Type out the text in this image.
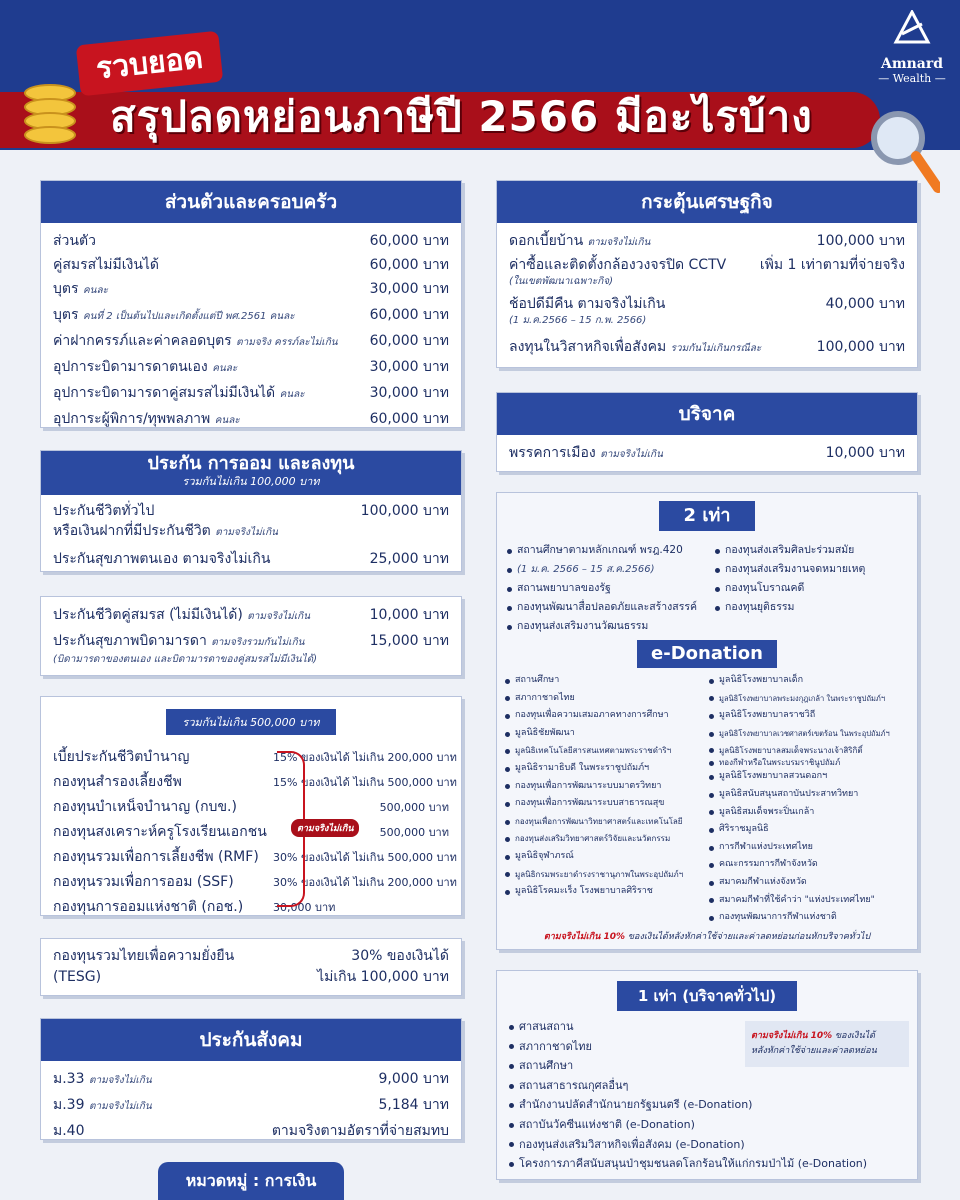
รวบยอด
สรุปลดหย่อนภาษีปี 2566 มีอะไรบ้าง
Amnard
— Wealth —
ส่วนตัวและครอบครัว
ส่วนตัว	60,000 บาท
คู่สมรสไม่มีเงินได้	60,000 บาท
บุตร คนละ	30,000 บาท
บุตร คนที่ 2 เป็นต้นไปและเกิดตั้งแต่ปี พศ.2561 คนละ	60,000 บาท
ค่าฝากครรภ์และค่าคลอดบุตร ตามจริง ครรภ์ละไม่เกิน 60,000 บาท
อุปการะบิดามารดาตนเอง คนละ	30,000 บาท
อุปการะบิดามารดาคู่สมรสไม่มีเงินได้ คนละ	30,000 บาท
อุปการะผู้พิการ/ทุพพลภาพ คนละ	60,000 บาท
ประกัน การออม และลงทุน
รวมกันไม่เกิน 100,000 บาท
ประกันชีวิตทั่วไป	100,000 บาท
หรือเงินฝากที่มีประกันชีวิต
ตามจริงไม่เกิน
ประกันสุขภาพตนเอง ตามจริงไม่เกิน	25,000 บาท
ประกันชีวิตคู่สมรส (ไม่มีเงินได้) ตามจริงไม่เกิน	10,000 บาท
ประกันสุขภาพบิดามารดา ตามจริงรวมกันไม่เกิน	15,000 บาท
(บิดามารดาของตนเอง และบิดามารดาของคู่สมรสไม่มีเงินได้)
รวมกันไม่เกิน 500,000 บาท
เบี้ยประกันชีวิตบำนาญ	15% ของเงินได้ ไม่เกิน 200,000 บาท
กองทุนสำรองเลี้ยงชีพ	15% ของเงินได้ ไม่เกิน 500,000 บาท
กองทุนบำเหน็จบำนาญ (กบข.)	500,000 บาท
กองทุนสงเคราะห์ครูโรงเรียนเอกชน	500,000 บาท
กองทุนรวมเพื่อการเลี้ยงชีพ (RMF) 30% ของเงินได้ ไม่เกิน 500,000 บาท
กองทุนรวมเพื่อการออม (SSF)	30% ของเงินได้ ไม่เกิน 200,000 บาท
กองทุนการออมแห่งชาติ (กอช.)	30,000 บาท
ตามจริงไม่เกิน
กองทุนรวมไทยเพื่อความยั่งยืน	30% ของเงินได้
(TESG)	ไม่เกิน 100,000 บาท
ประกันสังคม
ม.33 ตามจริงไม่เกิน	9,000 บาท
ม.39 ตามจริงไม่เกิน	5,184 บาท
ม.40	ตามจริงตามอัตราที่จ่ายสมทบ
หมวดหมู่ : การเงิน
กระตุ้นเศรษฐกิจ
ดอกเบี้ยบ้าน ตามจริงไม่เกิน	100,000 บาท
ค่าซื้อและติดตั้งกล้องวงจรปิด CCTV เพิ่ม 1 เท่าตามที่จ่ายจริง
(ในเขตพัฒนาเฉพาะกิจ)
ช้อปดีมีคืน ตามจริงไม่เกิน	40,000 บาท
(1 ม.ค.2566 – 15 ก.พ. 2566)
ลงทุนในวิสาหกิจเพื่อสังคม รวมกันไม่เกินกรณีละ	100,000 บาท
บริจาค
พรรคการเมือง ตามจริงไม่เกิน	10,000 บาท
2 เท่า
สถานศึกษาตามหลักเกณฑ์ พรฎ.420
(1 ม.ค. 2566 – 15 ส.ค.2566)
สถานพยาบาลของรัฐ
กองทุนพัฒนาสื่อปลอดภัยและสร้างสรรค์
กองทุนส่งเสริมงานวัฒนธรรม
กองทุนส่งเสริมศิลปะร่วมสมัย
กองทุนส่งเสริมงานจดหมายเหตุ
กองทุนโบราณคดี
กองทุนยุติธรรม
e-Donation
สถานศึกษา
สภากาชาดไทย
กองทุนเพื่อความเสมอภาคทางการศึกษา
มูลนิธิชัยพัฒนา
มูลนิธิเทคโนโลยีสารสนเทศตามพระราชดำริฯ
มูลนิธิรามาธิบดี ในพระราชูปถัมภ์ฯ
กองทุนเพื่อการพัฒนาระบบมาตรวิทยา
กองทุนเพื่อการพัฒนาระบบสาธารณสุข
กองทุนเพื่อการพัฒนาวิทยาศาสตร์และเทคโนโลยี
กองทุนส่งเสริมวิทยาศาสตร์วิจัยและนวัตกรรม
มูลนิธิจุฬาภรณ์
มูลนิธิกรมพระยาดำรงราชานุภาพในพระอุปถัมภ์ฯ
มูลนิธิโรคมะเร็ง โรงพยาบาลศิริราช
มูลนิธิโรงพยาบาลเด็ก
มูลนิธิโรงพยาบาลพระมงกุฎเกล้า ในพระราชูปถัมภ์ฯ
มูลนิธิโรงพยาบาลราชวิถี
มูลนิธิโรงพยาบาลเวชศาสตร์เขตร้อน ในพระอุปถัมภ์ฯ
มูลนิธิโรงพยาบาลสมเด็จพระนางเจ้าสิริกิติ์
ทองกีฬาหรือในพระบรมราชินูปถัมภ์
มูลนิธิโรงพยาบาลสวนดอกฯ
มูลนิธิสนับสนุนสถาบันประสาทวิทยา
มูลนิธิสมเด็จพระปิ่นเกล้า
ศิริราชมูลนิธิ
การกีฬาแห่งประเทศไทย
คณะกรรมการกีฬาจังหวัด
สมาคมกีฬาแห่งจังหวัด
สมาคมกีฬาที่ใช้คำว่า "แห่งประเทศไทย"
กองทุนพัฒนาการกีฬาแห่งชาติ
ตามจริงไม่เกิน 10% ของเงินได้หลังหักค่าใช้จ่ายและค่าลดหย่อนก่อนหักบริจาคทั่วไป
1 เท่า (บริจาคทั่วไป)
ศาสนสถาน
สภากาชาดไทย
สถานศึกษา
สถานสาธารณกุศลอื่นๆ
สำนักงานปลัดสำนักนายกรัฐมนตรี (e-Donation)
สถาบันวัคซีนแห่งชาติ (e-Donation)
กองทุนส่งเสริมวิสาหกิจเพื่อสังคม (e-Donation)
โครงการภาคีสนับสนุนป่าชุมชนลดโลกร้อนให้แก่กรมป่าไม้ (e-Donation)
ตามจริงไม่เกิน 10% ของเงินได้
หลังหักค่าใช้จ่ายและค่าลดหย่อน
